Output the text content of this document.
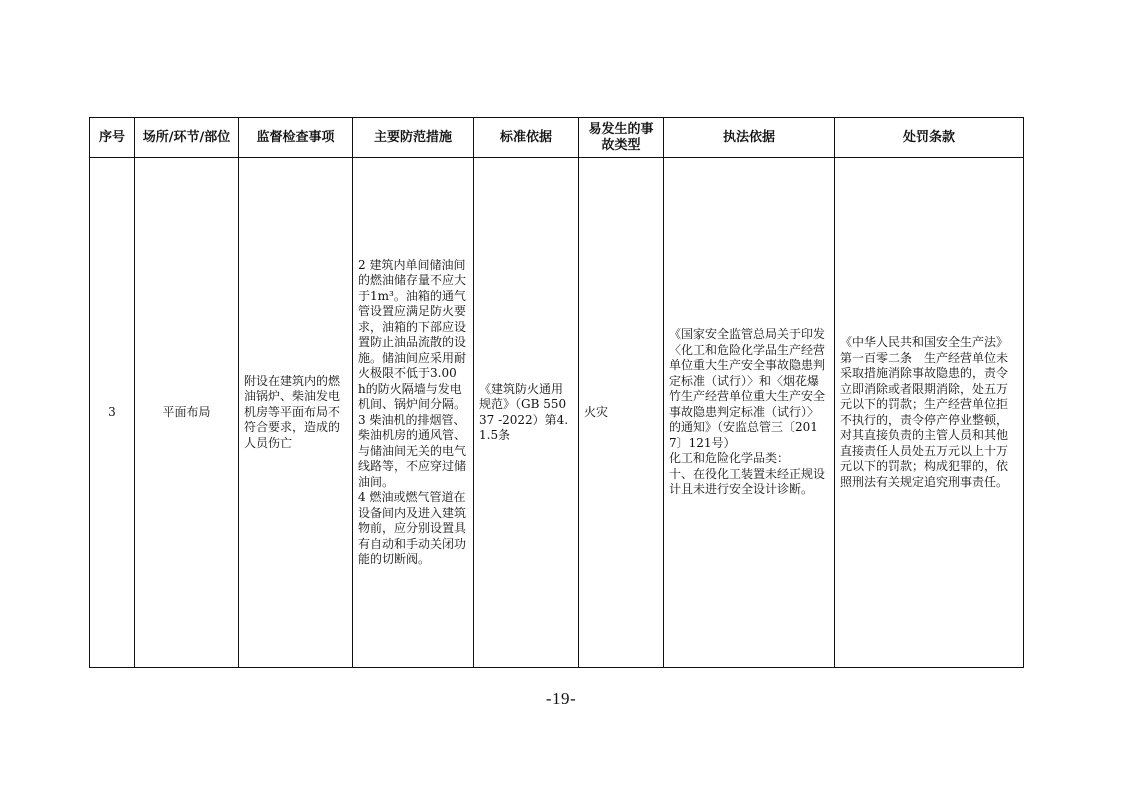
序号	场所/环节/部位	监督检查事项	主要防范措施	标准依据	易发生的事故类型	执法依据	处罚条款

3	平面布局	附设在建筑内的燃油锅炉、柴油发电机房等平面布局不符合要求，造成的人员伤亡	2 建筑内单间储油间的燃油储存量不应大于1m³。油箱的通气管设置应满足防火要求，油箱的下部应设置防止油品流散的设施。储油间应采用耐火极限不低于3.00 h的防火隔墙与发电机间、锅炉间分隔。
3 柴油机的排烟管、柴油机房的通风管、与储油间无关的电气线路等，不应穿过储油间。
4 燃油或燃气管道在设备间内及进入建筑物前，应分别设置具有自动和手动关闭功能的切断阀。	《建筑防火通用规范》（GB 55037 -2022）第4.1.5条	火灾	《国家安全监管总局关于印发〈化工和危险化学品生产经营单位重大生产安全事故隐患判定标准（试行）〉和〈烟花爆竹生产经营单位重大生产安全事故隐患判定标准（试行）〉的通知》（安监总管三〔2017〕121号）
化工和危险化学品类：
十、在役化工装置未经正规设计且未进行安全设计诊断。	《中华人民共和国安全生产法》第一百零二条　生产经营单位未采取措施消除事故隐患的，责令立即消除或者限期消除，处五万元以下的罚款；生产经营单位拒不执行的，责令停产停业整顿，对其直接负责的主管人员和其他直接责任人员处五万元以上十万元以下的罚款；构成犯罪的，依照刑法有关规定追究刑事责任。
-19-
